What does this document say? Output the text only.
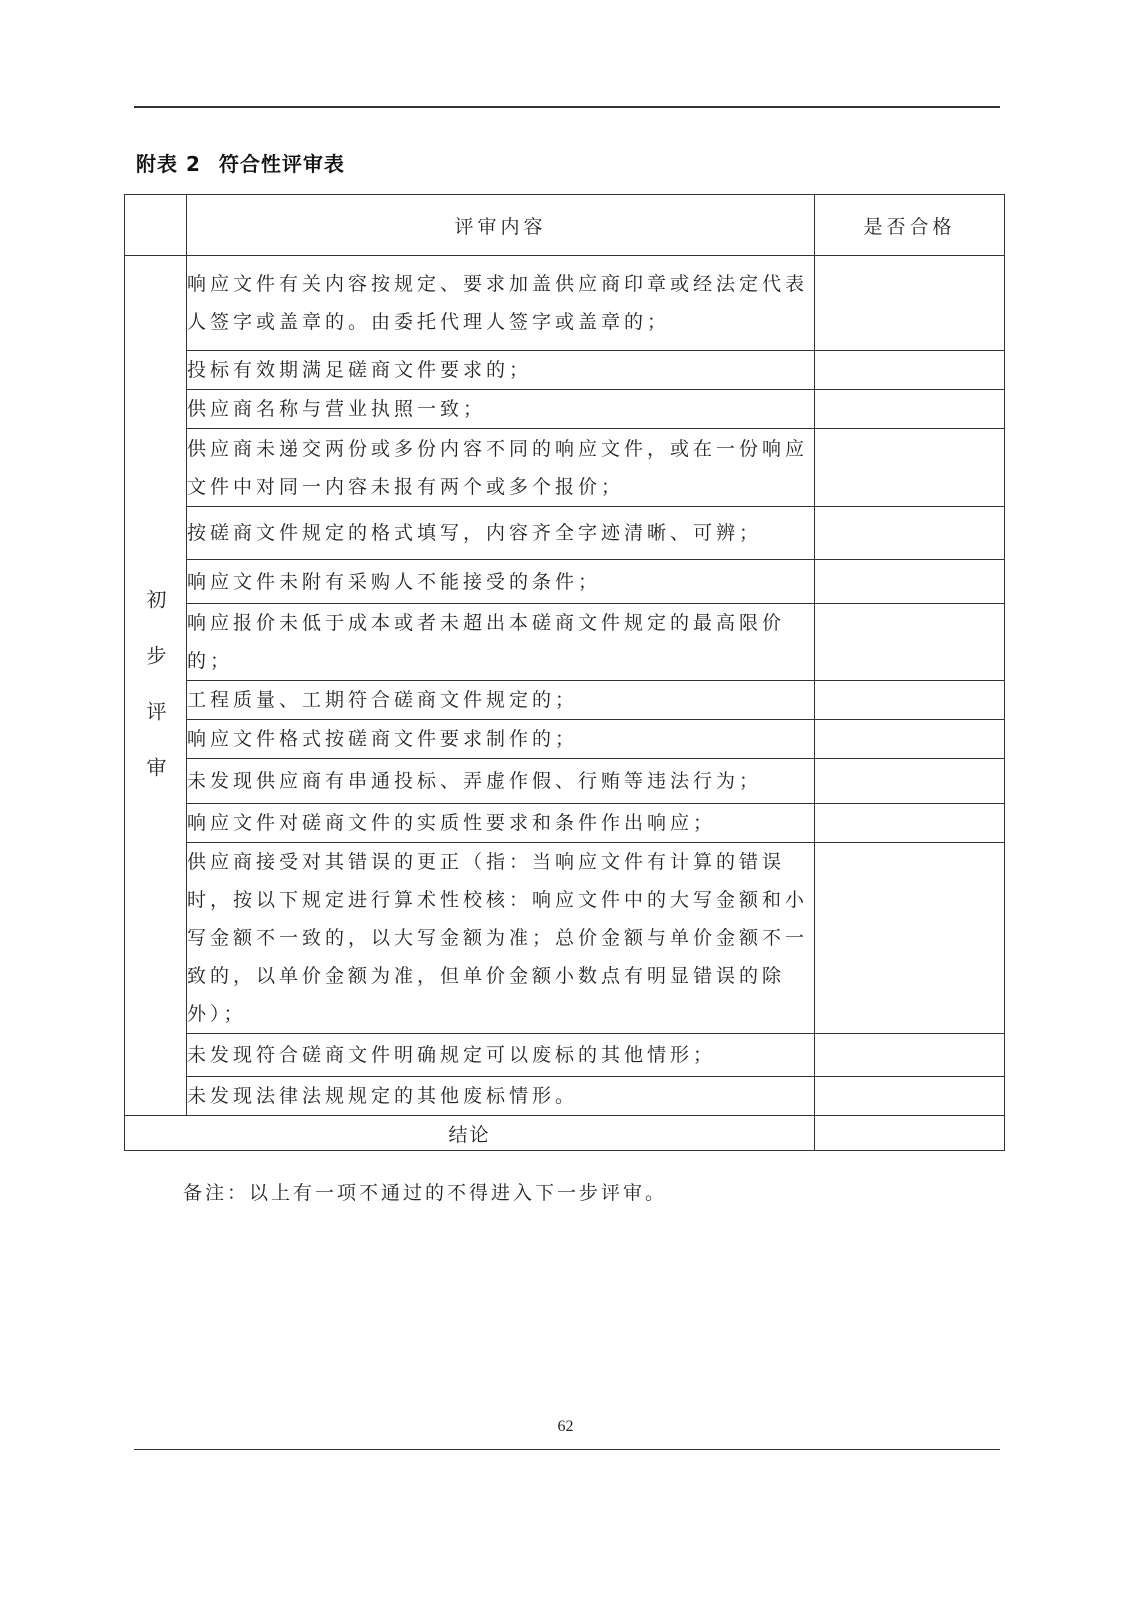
附表 2 符合性评审表
	评审内容	是否合格
初步评审	响应文件有关内容按规定、要求加盖供应商印章或经法定代表人签字或盖章的。由委托代理人签字或盖章的；	
	投标有效期满足磋商文件要求的；	
	供应商名称与营业执照一致；	
	供应商未递交两份或多份内容不同的响应文件，或在一份响应文件中对同一内容未报有两个或多个报价；	
	按磋商文件规定的格式填写，内容齐全字迹清晰、可辨；	
	响应文件未附有采购人不能接受的条件；	
	响应报价未低于成本或者未超出本磋商文件规定的最高限价的；	
	工程质量、工期符合磋商文件规定的；	
	响应文件格式按磋商文件要求制作的；	
	未发现供应商有串通投标、弄虚作假、行贿等违法行为；	
	响应文件对磋商文件的实质性要求和条件作出响应；	
	供应商接受对其错误的更正（指：当响应文件有计算的错误时，按以下规定进行算术性校核：响应文件中的大写金额和小写金额不一致的，以大写金额为准；总价金额与单价金额不一致的，以单价金额为准，但单价金额小数点有明显错误的除外）；	
	未发现符合磋商文件明确规定可以废标的其他情形；	
	未发现法律法规规定的其他废标情形。	
结论		
备注：以上有一项不通过的不得进入下一步评审。
62
